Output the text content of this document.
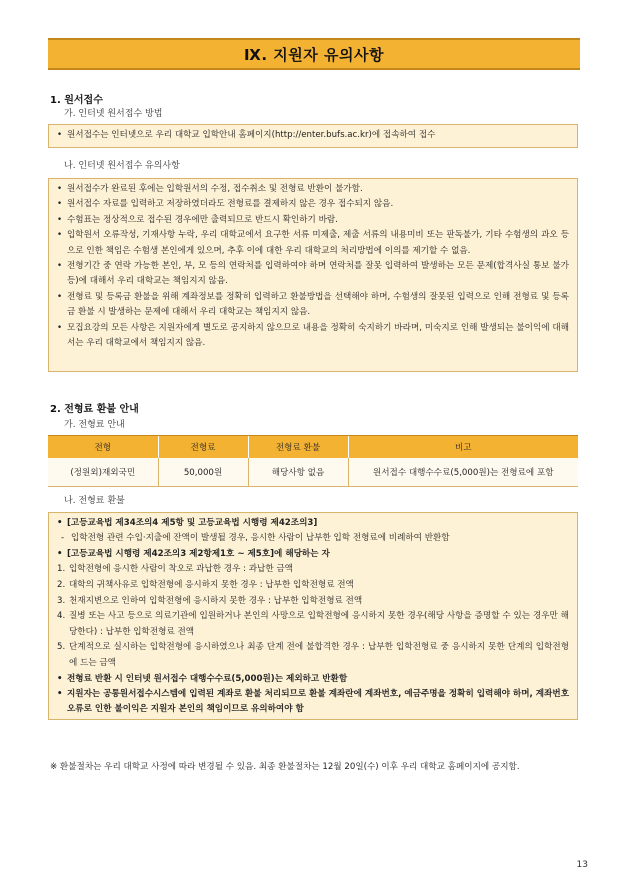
Ⅸ. 지원자 유의사항
1. 원서접수
가. 인터넷 원서접수 방법
• 원서접수는 인터넷으로 우리 대학교 입학안내 홈페이지(http://enter.bufs.ac.kr)에 접속하여 접수
나. 인터넷 원서접수 유의사항
• 원서접수가 완료된 후에는 입학원서의 수정, 접수취소 및 전형료 반환이 불가함.
• 원서접수 자료를 입력하고 저장하였더라도 전형료를 결제하지 않은 경우 접수되지 않음.
• 수험표는 정상적으로 접수된 경우에만 출력되므로 반드시 확인하기 바람.
• 입학원서 오류작성, 기재사항 누락, 우리 대학교에서 요구한 서류 미제출, 제출 서류의 내용미비 또는 판독불가, 기타 수험생의 과오 등으로 인한 책임은 수험생 본인에게 있으며, 추후 이에 대한 우리 대학교의 처리방법에 이의를 제기할 수 없음.
• 전형기간 중 연락 가능한 본인, 부, 모 등의 연락처를 입력하여야 하며 연락처를 잘못 입력하여 발생하는 모든 문제(합격사실 통보 불가 등)에 대해서 우리 대학교는 책임지지 않음.
• 전형료 및 등록금 환불을 위해 계좌정보를 정확히 입력하고 환불방법을 선택해야 하며, 수험생의 잘못된 입력으로 인해 전형료 및 등록금 환불 시 발생하는 문제에 대해서 우리 대학교는 책임지지 않음.
• 모집요강의 모든 사항은 지원자에게 별도로 공지하지 않으므로 내용을 정확히 숙지하기 바라며, 미숙지로 인해 발생되는 불이익에 대해서는 우리 대학교에서 책임지지 않음.
2. 전형료 환불 안내
가. 전형료 안내
전형	전형료	전형료 환불	비고
(정원외)재외국민	50,000원	해당사항 없음	원서접수 대행수수료(5,000원)는 전형료에 포함
나. 전형료 환불
• [고등교육법 제34조의4 제5항 및 고등교육법 시행령 제42조의3]
- 입학전형 관련 수입·지출에 잔액이 발생될 경우, 응시한 사람이 납부한 입학 전형료에 비례하여 반환함
• [고등교육법 시행령 제42조의3 제2항제1호 ~ 제5호]에 해당하는 자
1. 입학전형에 응시한 사람이 착오로 과납한 경우 : 과납한 금액
2. 대학의 귀책사유로 입학전형에 응시하지 못한 경우 : 납부한 입학전형료 전액
3. 천재지변으로 인하여 입학전형에 응시하지 못한 경우 : 납부한 입학전형료 전액
4. 질병 또는 사고 등으로 의료기관에 입원하거나 본인의 사망으로 입학전형에 응시하지 못한 경우(해당 사항을 증명할 수 있는 경우만 해당한다) : 납부한 입학전형료 전액
5. 단계적으로 실시하는 입학전형에 응시하였으나 최종 단계 전에 불합격한 경우 : 납부한 입학전형료 중 응시하지 못한 단계의 입학전형에 드는 금액
• 전형료 반환 시 인터넷 원서접수 대행수수료(5,000원)는 제외하고 반환함
• 지원자는 공통원서접수시스템에 입력된 계좌로 환불 처리되므로 환불 계좌란에 계좌번호, 예금주명을 정확히 입력해야 하며, 계좌번호 오류로 인한 불이익은 지원자 본인의 책임이므로 유의하여야 함
※ 환불절차는 우리 대학교 사정에 따라 변경될 수 있음. 최종 환불절차는 12월 20일(수) 이후 우리 대학교 홈페이지에 공지함.
13
